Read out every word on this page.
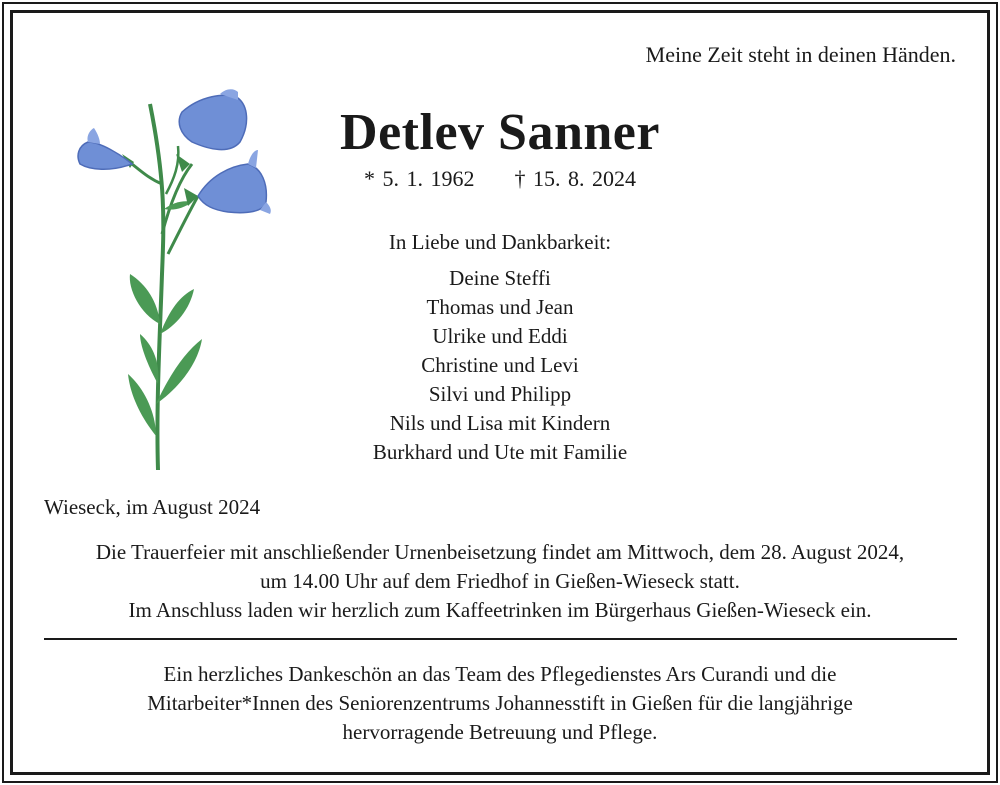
Meine Zeit steht in deinen Händen.
Detlev Sanner
* 5. 1. 1962 † 15. 8. 2024
In Liebe und Dankbarkeit:
Deine Steffi
Thomas und Jean
Ulrike und Eddi
Christine und Levi
Silvi und Philipp
Nils und Lisa mit Kindern
Burkhard und Ute mit Familie
Wieseck, im August 2024
Die Trauerfeier mit anschließender Urnenbeisetzung findet am Mittwoch, dem 28. August 2024,
um 14.00 Uhr auf dem Friedhof in Gießen-Wieseck statt.
Im Anschluss laden wir herzlich zum Kaffeetrinken im Bürgerhaus Gießen-Wieseck ein.
Ein herzliches Dankeschön an das Team des Pflegedienstes Ars Curandi und die
Mitarbeiter*Innen des Seniorenzentrums Johannesstift in Gießen für die langjährige
hervorragende Betreuung und Pflege.
